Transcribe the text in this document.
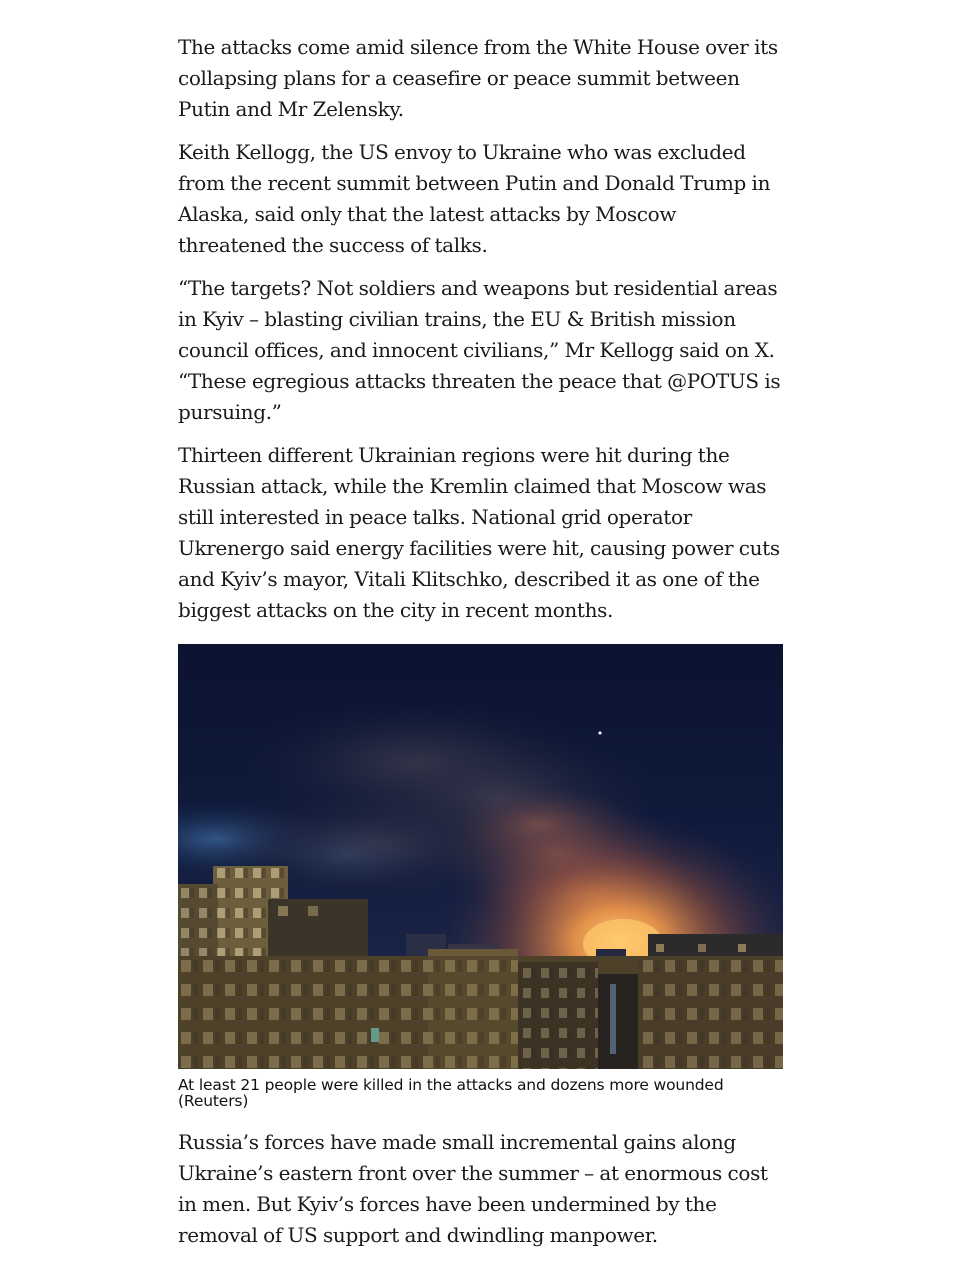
The attacks come amid silence from the White House over its collapsing plans for a ceasefire or peace summit between Putin and Mr Zelensky.

Keith Kellogg, the US envoy to Ukraine who was excluded from the recent summit between Putin and Donald Trump in Alaska, said only that the latest attacks by Moscow threatened the success of talks.

“The targets? Not soldiers and weapons but residential areas in Kyiv – blasting civilian trains, the EU & British mission council offices, and innocent civilians,” Mr Kellogg said on X. “These egregious attacks threaten the peace that @POTUS is pursuing.”

Thirteen different Ukrainian regions were hit during the Russian attack, while the Kremlin claimed that Moscow was still interested in peace talks. National grid operator Ukrenergo said energy facilities were hit, causing power cuts and Kyiv’s mayor, Vitali Klitschko, described it as one of the biggest attacks on the city in recent months.

At least 21 people were killed in the attacks and dozens more wounded (Reuters)

Russia’s forces have made small incremental gains along Ukraine’s eastern front over the summer – at enormous cost in men. But Kyiv’s forces have been undermined by the removal of US support and dwindling manpower.
